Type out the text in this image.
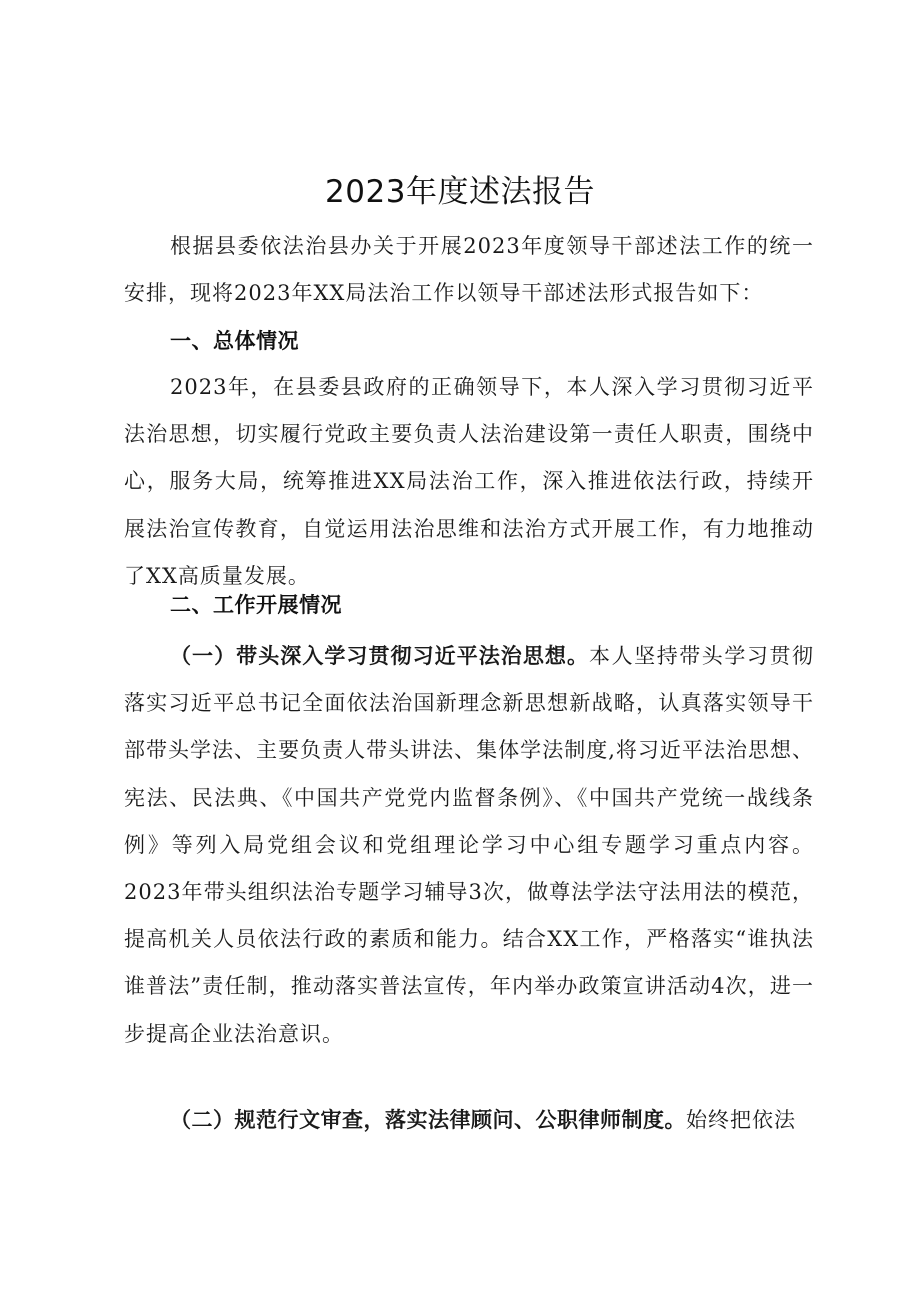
2023年度述法报告

根据县委依法治县办关于开展2023年度领导干部述法工作的统一安排，现将2023年XX局法治工作以领导干部述法形式报告如下：

一、总体情况

2023年，在县委县政府的正确领导下，本人深入学习贯彻习近平法治思想，切实履行党政主要负责人法治建设第一责任人职责，围绕中心，服务大局，统筹推进XX局法治工作，深入推进依法行政，持续开展法治宣传教育，自觉运用法治思维和法治方式开展工作，有力地推动了XX高质量发展。

二、工作开展情况

（一）带头深入学习贯彻习近平法治思想。本人坚持带头学习贯彻落实习近平总书记全面依法治国新理念新思想新战略，认真落实领导干部带头学法、主要负责人带头讲法、集体学法制度,将习近平法治思想、宪法、民法典、《中国共产党党内监督条例》、《中国共产党统一战线条例》等列入局党组会议和党组理论学习中心组专题学习重点内容。2023年带头组织法治专题学习辅导3次，做尊法学法守法用法的模范，提高机关人员依法行政的素质和能力。结合XX工作，严格落实“谁执法谁普法”责任制，推动落实普法宣传，年内举办政策宣讲活动4次，进一步提高企业法治意识。

（二）规范行文审查，落实法律顾问、公职律师制度。始终把依法
